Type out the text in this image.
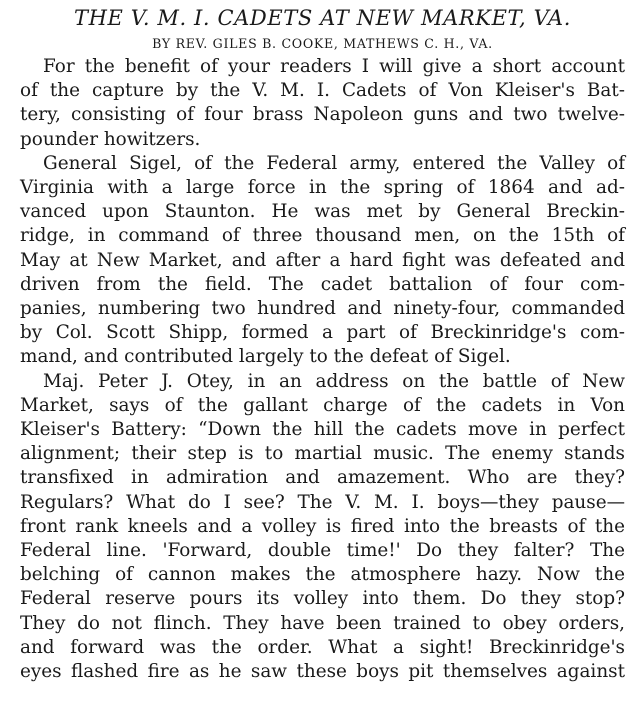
THE V. M. I. CADETS AT NEW MARKET, VA.
BY REV. GILES B. COOKE, MATHEWS C. H., VA.
For the benefit of your readers I will give a short account
of the capture by the V. M. I. Cadets of Von Kleiser's Bat-
tery, consisting of four brass Napoleon guns and two twelve-
pounder howitzers.
General Sigel, of the Federal army, entered the Valley of
Virginia with a large force in the spring of 1864 and ad-
vanced upon Staunton. He was met by General Breckin-
ridge, in command of three thousand men, on the 15th of
May at New Market, and after a hard fight was defeated and
driven from the field. The cadet battalion of four com-
panies, numbering two hundred and ninety-four, commanded
by Col. Scott Shipp, formed a part of Breckinridge's com-
mand, and contributed largely to the defeat of Sigel.
Maj. Peter J. Otey, in an address on the battle of New
Market, says of the gallant charge of the cadets in Von
Kleiser's Battery: “Down the hill the cadets move in perfect
alignment; their step is to martial music. The enemy stands
transfixed in admiration and amazement. Who are they?
Regulars? What do I see? The V. M. I. boys—they pause—
front rank kneels and a volley is fired into the breasts of the
Federal line. 'Forward, double time!' Do they falter? The
belching of cannon makes the atmosphere hazy. Now the
Federal reserve pours its volley into them. Do they stop?
They do not flinch. They have been trained to obey orders,
and forward was the order. What a sight! Breckinridge's
eyes flashed fire as he saw these boys pit themselves against
